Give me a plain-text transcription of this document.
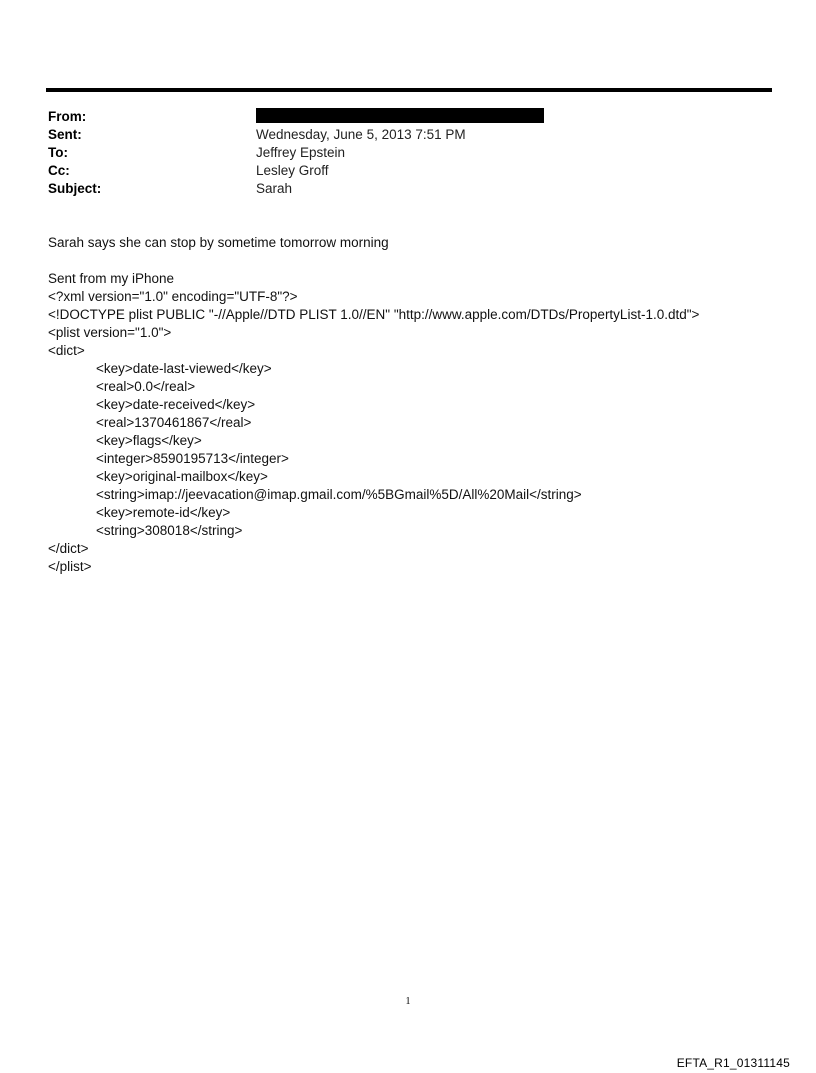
From:
Sent:	Wednesday, June 5, 2013 7:51 PM
To:	Jeffrey Epstein
Cc:	Lesley Groff
Subject:	Sarah
Sarah says she can stop by sometime tomorrow morning
Sent from my iPhone
<?xml version="1.0" encoding="UTF-8"?>
<!DOCTYPE plist PUBLIC "-//Apple//DTD PLIST 1.0//EN" "http://www.apple.com/DTDs/PropertyList-1.0.dtd">
<plist version="1.0">
<dict>
<key>date-last-viewed</key>
<real>0.0</real>
<key>date-received</key>
<real>1370461867</real>
<key>flags</key>
<integer>8590195713</integer>
<key>original-mailbox</key>
<string>imap://jeevacation@imap.gmail.com/%5BGmail%5D/All%20Mail</string>
<key>remote-id</key>
<string>308018</string>
</dict>
</plist>
1
EFTA_R1_01311145
